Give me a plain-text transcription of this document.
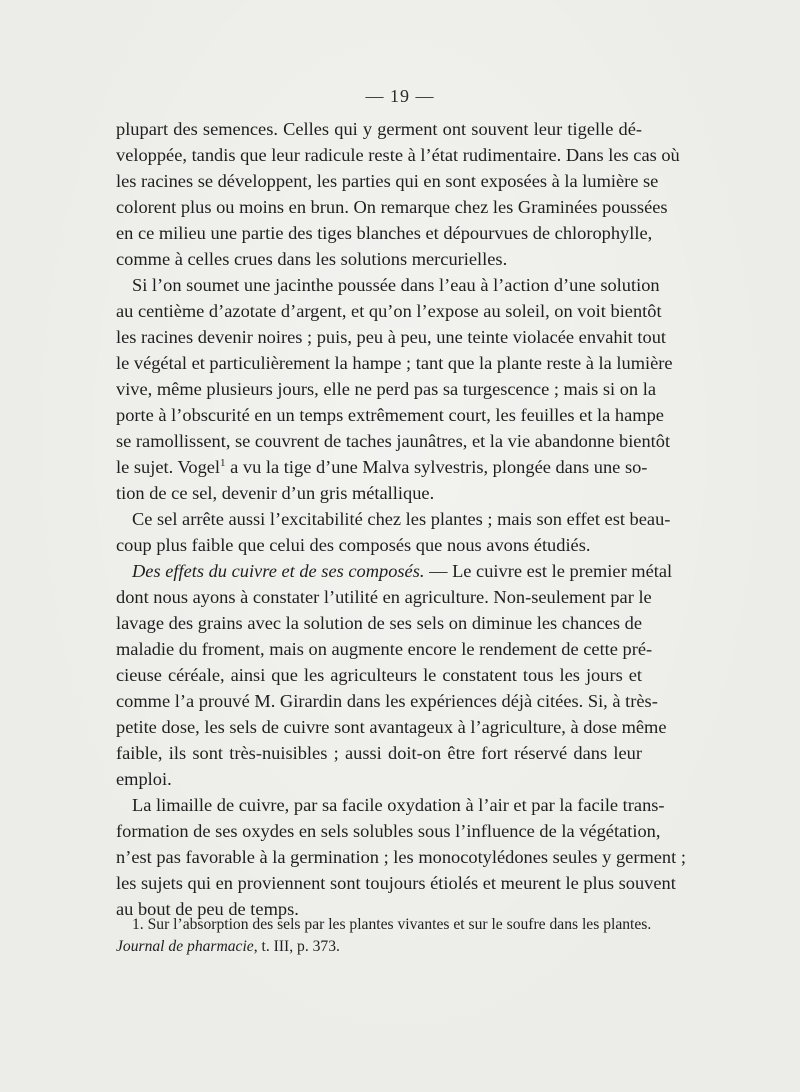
— 19 —
plupart des semences. Celles qui y germent ont souvent leur tigelle dé-
veloppée, tandis que leur radicule reste à l’état rudimentaire. Dans les cas où
les racines se développent, les parties qui en sont exposées à la lumière se
colorent plus ou moins en brun. On remarque chez les Graminées poussées
en ce milieu une partie des tiges blanches et dépourvues de chlorophylle,
comme à celles crues dans les solutions mercurielles.
Si l’on soumet une jacinthe poussée dans l’eau à l’action d’une solution
au centième d’azotate d’argent, et qu’on l’expose au soleil, on voit bientôt
les racines devenir noires ; puis, peu à peu, une teinte violacée envahit tout
le végétal et particulièrement la hampe ; tant que la plante reste à la lumière
vive, même plusieurs jours, elle ne perd pas sa turgescence ; mais si on la
porte à l’obscurité en un temps extrêmement court, les feuilles et la hampe
se ramollissent, se couvrent de taches jaunâtres, et la vie abandonne bientôt
le sujet. Vogel$^1$ a vu la tige d’une Malva sylvestris, plongée dans une so-
tion de ce sel, devenir d’un gris métallique.
Ce sel arrête aussi l’excitabilité chez les plantes ; mais son effet est beau-
coup plus faible que celui des composés que nous avons étudiés.
Des effets du cuivre et de ses composés. — Le cuivre est le premier métal
dont nous ayons à constater l’utilité en agriculture. Non-seulement par le
lavage des grains avec la solution de ses sels on diminue les chances de
maladie du froment, mais on augmente encore le rendement de cette pré-
cieuse céréale, ainsi que les agriculteurs le constatent tous les jours et
comme l’a prouvé M. Girardin dans les expériences déjà citées. Si, à très-
petite dose, les sels de cuivre sont avantageux à l’agriculture, à dose même
faible, ils sont très-nuisibles ; aussi doit-on être fort réservé dans leur
emploi.
La limaille de cuivre, par sa facile oxydation à l’air et par la facile trans-
formation de ses oxydes en sels solubles sous l’influence de la végétation,
n’est pas favorable à la germination ; les monocotylédones seules y germent ;
les sujets qui en proviennent sont toujours étiolés et meurent le plus souvent
au bout de peu de temps.
1. Sur l’absorption des sels par les plantes vivantes et sur le soufre dans les plantes.
Journal de pharmacie, t. III, p. 373.
